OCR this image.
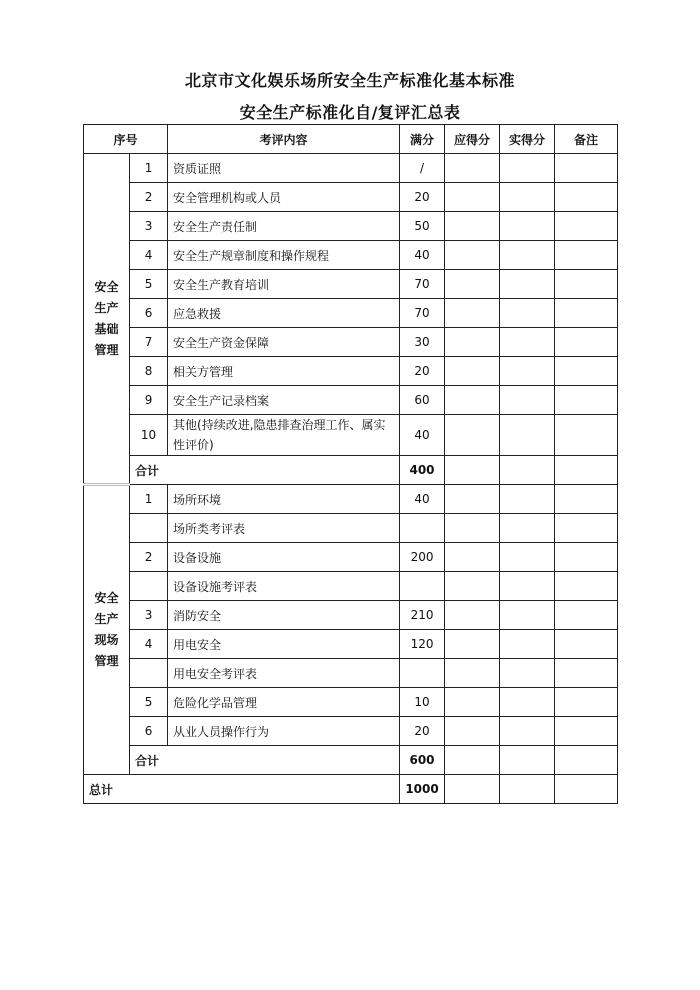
北京市文化娱乐场所安全生产标准化基本标准
安全生产标准化自/复评汇总表
序号		考评内容	满分	应得分	实得分	备注

安全
生产
基础
管理	1	资质证照	/			
	2	安全管理机构或人员	20			
	3	安全生产责任制	50			
	4	安全生产规章制度和操作规程	40			
	5	安全生产教育培训	70			
	6	应急救援	70			
	7	安全生产资金保障	30			
	8	相关方管理	20			
	9	安全生产记录档案	60			
	10	其他(持续改进,隐患排查治理工作、属实性评价)	40			
	合计		400			

安全
生产
现场
管理	1	场所环境	40			
		场所类考评表				
	2	设备设施	200			
		设备设施考评表				
	3	消防安全	210			
	4	用电安全	120			
		用电安全考评表				
	5	危险化学品管理	10			
	6	从业人员操作行为	20			
	合计		600			
总计			1000			
